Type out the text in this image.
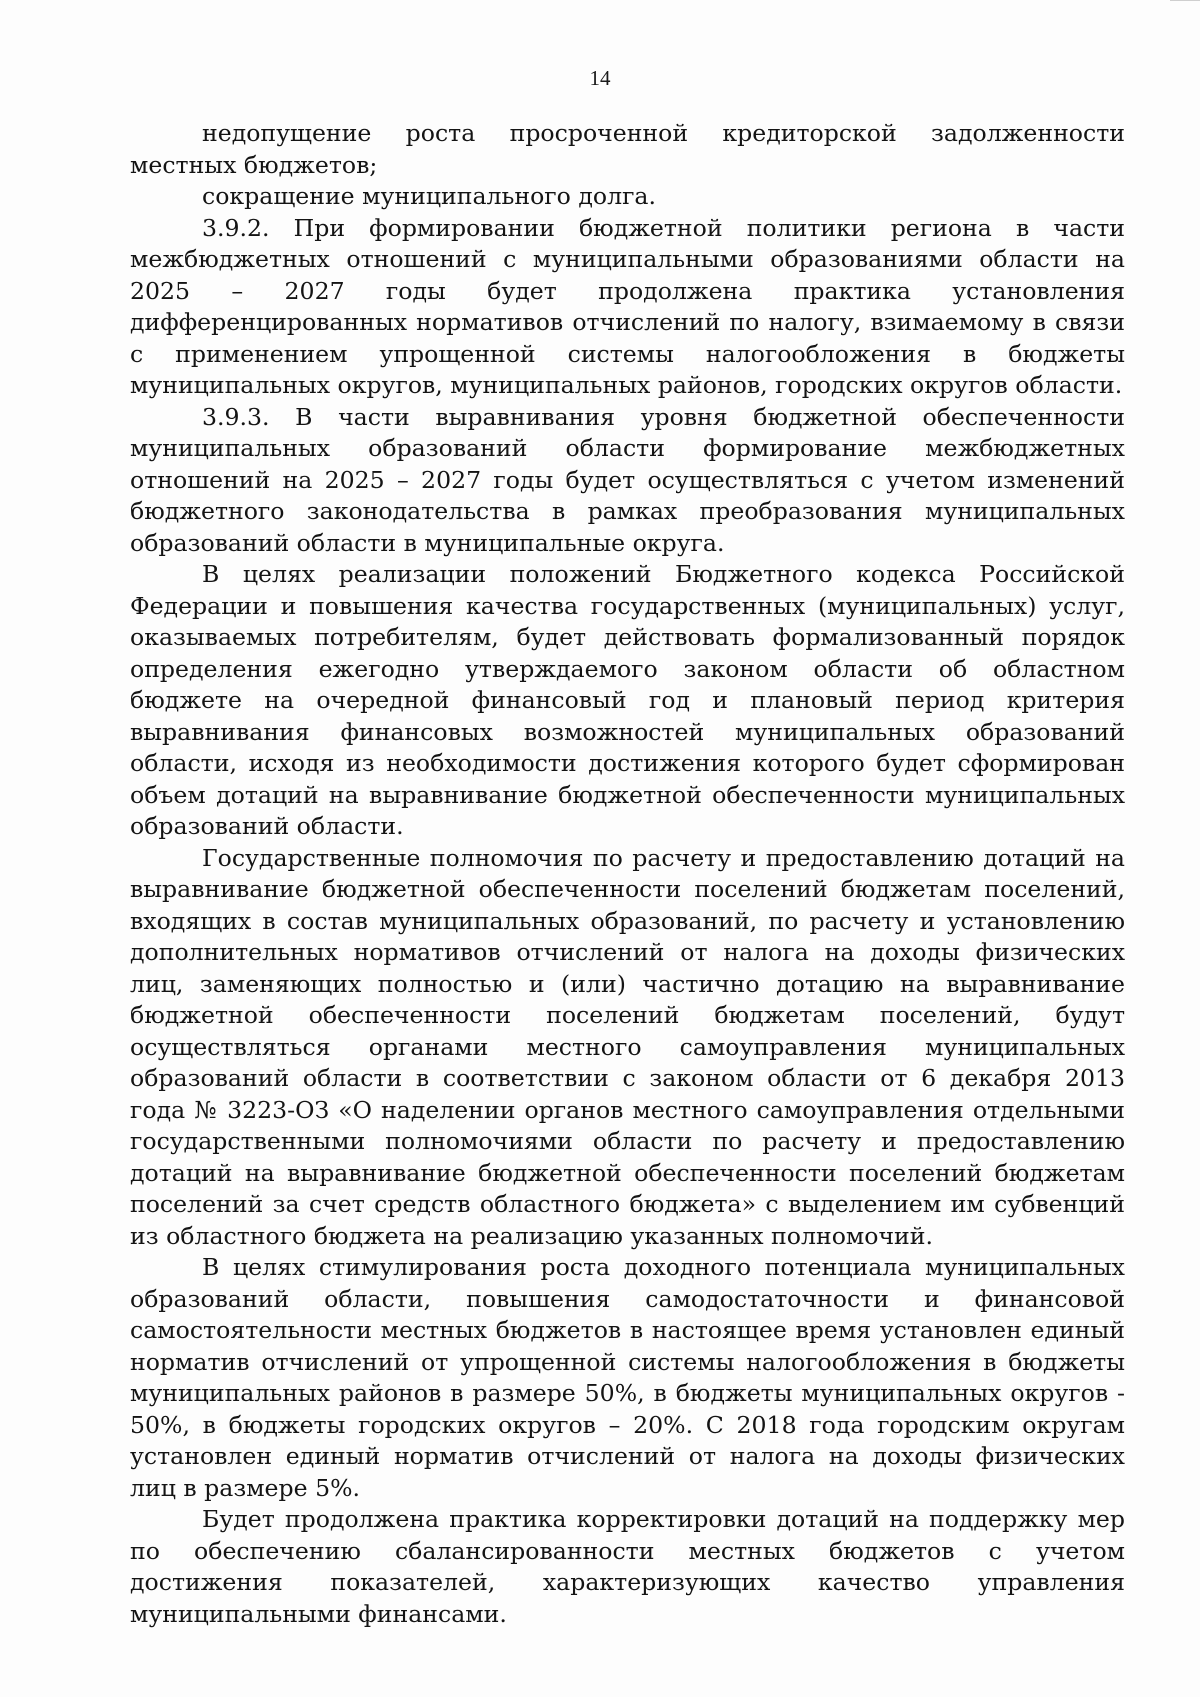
14

недопущение роста просроченной кредиторской задолженности местных бюджетов;

сокращение муниципального долга.

3.9.2. При формировании бюджетной политики региона в части межбюджетных отношений с муниципальными образованиями области на 2025 – 2027 годы будет продолжена практика установления дифференцированных нормативов отчислений по налогу, взимаемому в связи с применением упрощенной системы налогообложения в бюджеты муниципальных округов, муниципальных районов, городских округов области.

3.9.3. В части выравнивания уровня бюджетной обеспеченности муниципальных образований области формирование межбюджетных отношений на 2025 – 2027 годы будет осуществляться с учетом изменений бюджетного законодательства в рамках преобразования муниципальных образований области в муниципальные округа.

В целях реализации положений Бюджетного кодекса Российской Федерации и повышения качества государственных (муниципальных) услуг, оказываемых потребителям, будет действовать формализованный порядок определения ежегодно утверждаемого законом области об областном бюджете на очередной финансовый год и плановый период критерия выравнивания финансовых возможностей муниципальных образований области, исходя из необходимости достижения которого будет сформирован объем дотаций на выравнивание бюджетной обеспеченности муниципальных образований области.

Государственные полномочия по расчету и предоставлению дотаций на выравнивание бюджетной обеспеченности поселений бюджетам поселений, входящих в состав муниципальных образований, по расчету и установлению дополнительных нормативов отчислений от налога на доходы физических лиц, заменяющих полностью и (или) частично дотацию на выравнивание бюджетной обеспеченности поселений бюджетам поселений, будут осуществляться органами местного самоуправления муниципальных образований области в соответствии с законом области от 6 декабря 2013 года № 3223-ОЗ «О наделении органов местного самоуправления отдельными государственными полномочиями области по расчету и предоставлению дотаций на выравнивание бюджетной обеспеченности поселений бюджетам поселений за счет средств областного бюджета» с выделением им субвенций из областного бюджета на реализацию указанных полномочий.

В целях стимулирования роста доходного потенциала муниципальных образований области, повышения самодостаточности и финансовой самостоятельности местных бюджетов в настоящее время установлен единый норматив отчислений от упрощенной системы налогообложения в бюджеты муниципальных районов в размере 50%, в бюджеты муниципальных округов - 50%, в бюджеты городских округов – 20%. С 2018 года городским округам установлен единый норматив отчислений от налога на доходы физических лиц в размере 5%.

Будет продолжена практика корректировки дотаций на поддержку мер по обеспечению сбалансированности местных бюджетов с учетом достижения показателей, характеризующих качество управления муниципальными финансами.
